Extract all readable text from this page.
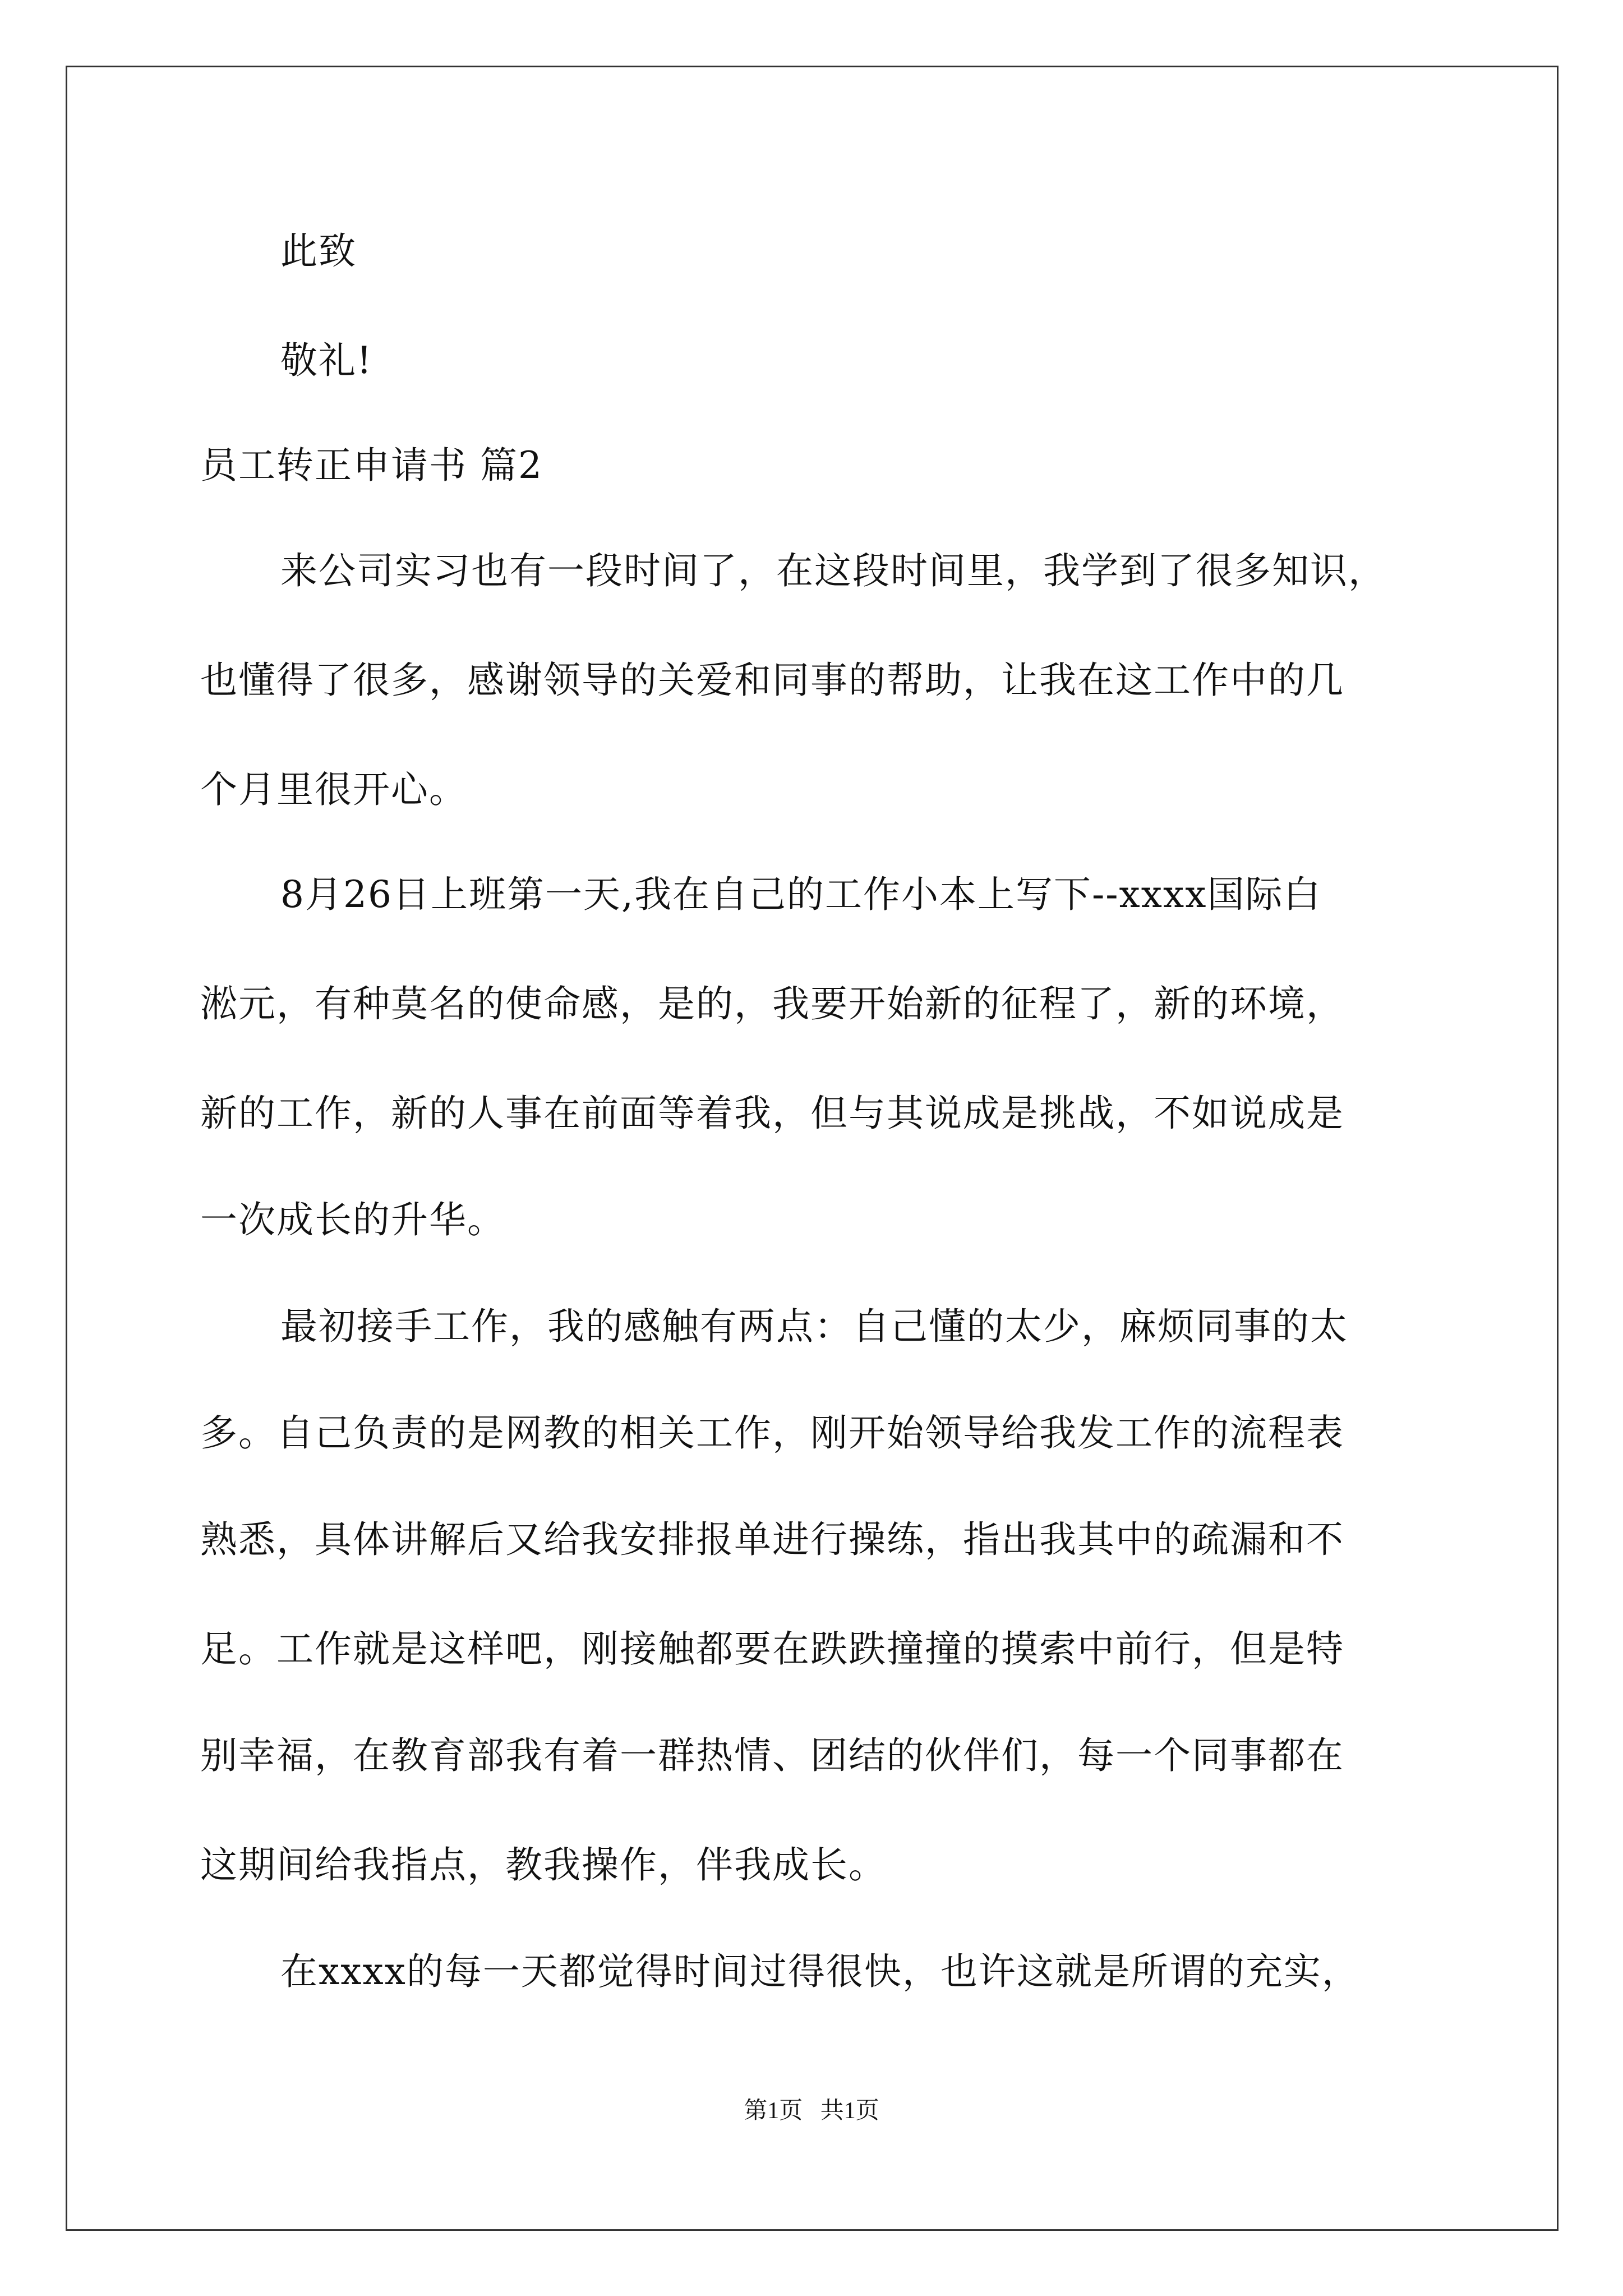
此致
敬礼!
员工转正申请书 篇2
来公司实习也有一段时间了，在这段时间里，我学到了很多知识，
也懂得了很多，感谢领导的关爱和同事的帮助，让我在这工作中的几
个月里很开心。
8月26日上班第一天,我在自己的工作小本上写下--xxxx国际白
淞元，有种莫名的使命感，是的，我要开始新的征程了，新的环境，
新的工作，新的人事在前面等着我，但与其说成是挑战，不如说成是
一次成长的升华。
最初接手工作，我的感触有两点：自己懂的太少，麻烦同事的太
多。自己负责的是网教的相关工作，刚开始领导给我发工作的流程表
熟悉，具体讲解后又给我安排报单进行操练，指出我其中的疏漏和不
足。工作就是这样吧，刚接触都要在跌跌撞撞的摸索中前行，但是特
别幸福，在教育部我有着一群热情、团结的伙伴们，每一个同事都在
这期间给我指点，教我操作，伴我成长。
在xxxx的每一天都觉得时间过得很快，也许这就是所谓的充实，
第1页   共1页
